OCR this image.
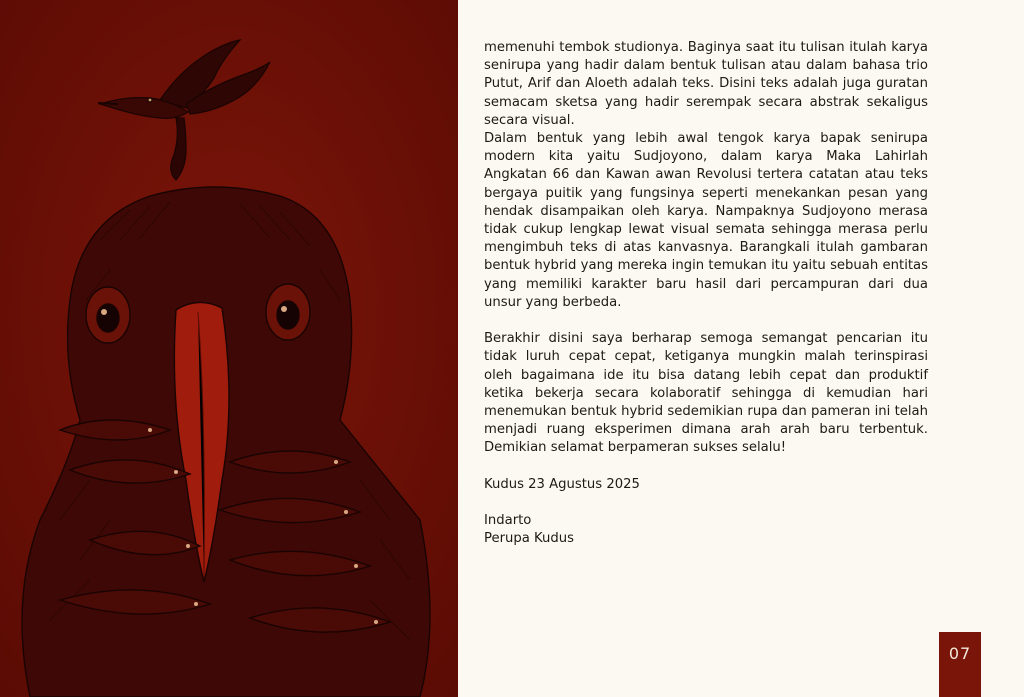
memenuhi tembok studionya. Baginya saat itu tulisan itulah karya senirupa yang hadir dalam bentuk tulisan atau dalam bahasa trio Putut, Arif dan Aloeth adalah teks. Disini teks adalah juga guratan semacam sketsa yang hadir serempak secara abstrak sekaligus secara visual.

Dalam bentuk yang lebih awal tengok karya bapak senirupa modern kita yaitu Sudjoyono, dalam karya Maka Lahirlah Angkatan 66 dan Kawan awan Revolusi tertera catatan atau teks bergaya puitik yang fungsinya seperti menekankan pesan yang hendak disampaikan oleh karya. Nampaknya Sudjoyono merasa tidak cukup lengkap lewat visual semata sehingga merasa perlu mengimbuh teks di atas kanvasnya. Barangkali itulah gambaran bentuk hybrid yang mereka ingin temukan itu yaitu sebuah entitas yang memiliki karakter baru hasil dari percampuran dari dua unsur yang berbeda.

Berakhir disini saya berharap semoga semangat pencarian itu tidak luruh cepat cepat, ketiganya mungkin malah terinspirasi oleh bagaimana ide itu bisa datang lebih cepat dan produktif ketika bekerja secara kolaboratif sehingga di kemudian hari menemukan bentuk hybrid sedemikian rupa dan pameran ini telah menjadi ruang eksperimen dimana arah arah baru terbentuk. Demikian selamat berpameran sukses selalu!

Kudus 23 Agustus 2025

Indarto

Perupa Kudus

07
